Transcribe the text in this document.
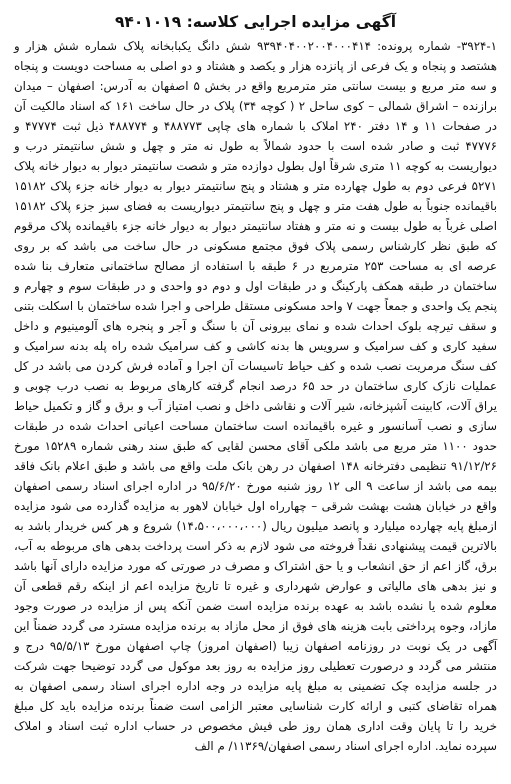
آگهی مزایده اجرایی کلاسه: ۹۴۰۱۰۱۹

۳۹۲۴-۱- شماره پرونده: ۹۳۹۴۰۴۰۰۲۰۰۴۰۰۰۴۱۴ شش دانگ یکبابخانه پلاک شماره شش هزار و هشتصد و پنجاه و یک فرعی از پانزده هزار و یکصد و هشتاد و دو اصلی به مساحت دویست و پنجاه و سه متر مربع و بیست سانتی متر مترمربع واقع در بخش ۵ اصفهان به آدرس: اصفهان – میدان برازنده – اشراق شمالی – کوی ساحل ۲ ( کوچه ۳۴) پلاک در حال ساخت ۱۶۱ که اسناد مالکیت آن در صفحات ۱۱ و ۱۴ دفتر ۲۴۰ املاک با شماره های چاپی ۴۸۸۷۷۳ و ۴۸۸۷۷۴ ذیل ثبت ۴۷۷۷۴ و ۴۷۷۷۶ ثبت و صادر شده است با حدود شمالاً به طول نه متر و چهل و شش سانتیمتر درب و دیواریست به کوچه ۱۱ متری شرقاً اول بطول دوازده متر و شصت سانتیمتر دیوار به دیوار خانه پلاک ۵۲۷۱ فرعی دوم به طول چهارده متر و هشتاد و پنج سانتیمتر دیوار به دیوار خانه جزء پلاک ۱۵۱۸۲ باقیمانده جنوباً به طول هفت متر و چهل و پنج سانتیمتر دیواریست به فضای سبز جزء پلاک ۱۵۱۸۲ اصلی غرباً به طول بیست و نه متر و هفتاد سانتیمتر دیوار به دیوار خانه جزء باقیمانده پلاک مرقوم که طبق نظر کارشناس رسمی پلاک فوق مجتمع مسکونی در حال ساخت می باشد که بر روی عرصه ای به مساحت ۲۵۳ مترمربع در ۶ طبقه با استفاده از مصالح ساختمانی متعارف بنا شده ساختمان در طبقه همکف پارکینگ و در طبقات اول و دوم دو واحدی و در طبقات سوم و چهارم و پنجم یک واحدی و جمعاً جهت ۷ واحد مسکونی مستقل طراحی و اجرا شده ساختمان با اسکلت بتنی و سقف تیرچه بلوک احداث شده و نمای بیرونی آن با سنگ و آجر و پنجره های آلومینیوم و داخل سفید کاری و کف سرامیک و سرویس ها بدنه کاشی و کف سرامیک شده راه پله بدنه سرامیک و کف سنگ مرمریت نصب شده و کف حیاط تاسیسات آن اجرا و آماده فرش کردن می باشد در کل عملیات نازک کاری ساختمان در حد ۶۵ درصد انجام گرفته کارهای مربوط به نصب درب چوبی و یراق آلات، کابینت آشپزخانه، شیر آلات و نقاشی داخل و نصب امتیاز آب و برق و گاز و تکمیل حیاط سازی و نصب آسانسور و غیره باقیمانده است ساختمان مساحت اعیانی احداث شده در طبقات حدود ۱۱۰۰ متر مربع می باشد ملکی آقای محسن لقایی که طبق سند رهنی شماره ۱۵۲۸۹ مورخ ۹۱/۱۲/۲۶ تنظیمی دفترخانه ۱۴۸ اصفهان در رهن بانک ملت واقع می باشد و طبق اعلام بانک فاقد بیمه می باشد از ساعت ۹ الی ۱۲ روز شنبه مورخ ۹۵/۶/۲۰ در اداره اجرای اسناد رسمی اصفهان واقع در خیابان هشت بهشت شرقی – چهارراه اول خیابان لاهور به مزایده گذارده می شود مزایده ازمبلغ پایه چهارده میلیارد و پانصد میلیون ریال (۱۴،۵۰۰،۰۰۰،۰۰۰) شروع و هر کس خریدار باشد به بالاترین قیمت پیشنهادی نقداً فروخته می شود لازم به ذکر است پرداخت بدهی های مربوطه به آب، برق، گاز اعم از حق انشعاب و یا حق اشتراک و مصرف در صورتی که مورد مزایده دارای آنها باشد و نیز بدهی های مالیاتی و عوارض شهرداری و غیره تا تاریخ مزایده اعم از اینکه رقم قطعی آن معلوم شده یا نشده باشد به عهده برنده مزایده است ضمن آنکه پس از مزایده در صورت وجود مازاد، وجوه پرداختی بابت هزینه های فوق از محل مازاد به برنده مزایده مسترد می گردد ضمناً این آگهی در یک نوبت در روزنامه اصفهان زیبا (اصفهان امروز) چاپ اصفهان مورخ ۹۵/۵/۱۳ درج و منتشر می گردد و درصورت تعطیلی روز مزایده به روز بعد موکول می گردد توضیحا جهت شرکت در جلسه مزایده چک تضمینی به مبلغ پایه مزایده در وجه اداره اجرای اسناد رسمی اصفهان به همراه تقاضای کتبی و ارائه کارت شناسایی معتبر الزامی است ضمناً برنده مزایده باید کل مبلغ خرید را تا پایان وقت اداری همان روز طی فیش مخصوص در حساب اداره ثبت اسناد و املاک سپرده نماید. اداره اجرای اسناد رسمی اصفهان/۱۱۳۶۹/ م الف
